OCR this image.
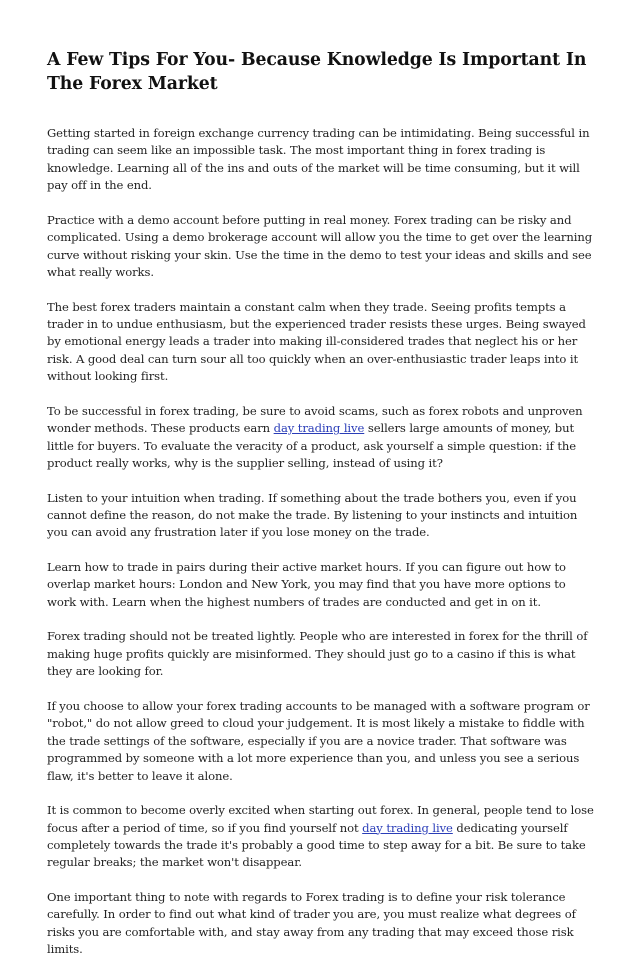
A Few Tips For You- Because Knowledge Is Important In The Forex Market

Getting started in foreign exchange currency trading can be intimidating. Being successful in trading can seem like an impossible task. The most important thing in forex trading is knowledge. Learning all of the ins and outs of the market will be time consuming, but it will pay off in the end.

Practice with a demo account before putting in real money. Forex trading can be risky and complicated. Using a demo brokerage account will allow you the time to get over the learning curve without risking your skin. Use the time in the demo to test your ideas and skills and see what really works.

The best forex traders maintain a constant calm when they trade. Seeing profits tempts a trader in to undue enthusiasm, but the experienced trader resists these urges. Being swayed by emotional energy leads a trader into making ill-considered trades that neglect his or her risk. A good deal can turn sour all too quickly when an over-enthusiastic trader leaps into it without looking first.

To be successful in forex trading, be sure to avoid scams, such as forex robots and unproven wonder methods. These products earn day trading live sellers large amounts of money, but little for buyers. To evaluate the veracity of a product, ask yourself a simple question: if the product really works, why is the supplier selling, instead of using it?

Listen to your intuition when trading. If something about the trade bothers you, even if you cannot define the reason, do not make the trade. By listening to your instincts and intuition you can avoid any frustration later if you lose money on the trade.

Learn how to trade in pairs during their active market hours. If you can figure out how to overlap market hours: London and New York, you may find that you have more options to work with. Learn when the highest numbers of trades are conducted and get in on it.

Forex trading should not be treated lightly. People who are interested in forex for the thrill of making huge profits quickly are misinformed. They should just go to a casino if this is what they are looking for.

If you choose to allow your forex trading accounts to be managed with a software program or "robot," do not allow greed to cloud your judgement. It is most likely a mistake to fiddle with the trade settings of the software, especially if you are a novice trader. That software was programmed by someone with a lot more experience than you, and unless you see a serious flaw, it's better to leave it alone.

It is common to become overly excited when starting out forex. In general, people tend to lose focus after a period of time, so if you find yourself not day trading live dedicating yourself completely towards the trade it's probably a good time to step away for a bit. Be sure to take regular breaks; the market won't disappear.

One important thing to note with regards to Forex trading is to define your risk tolerance carefully. In order to find out what kind of trader you are, you must realize what degrees of risks you are comfortable with, and stay away from any trading that may exceed those risk limits.
